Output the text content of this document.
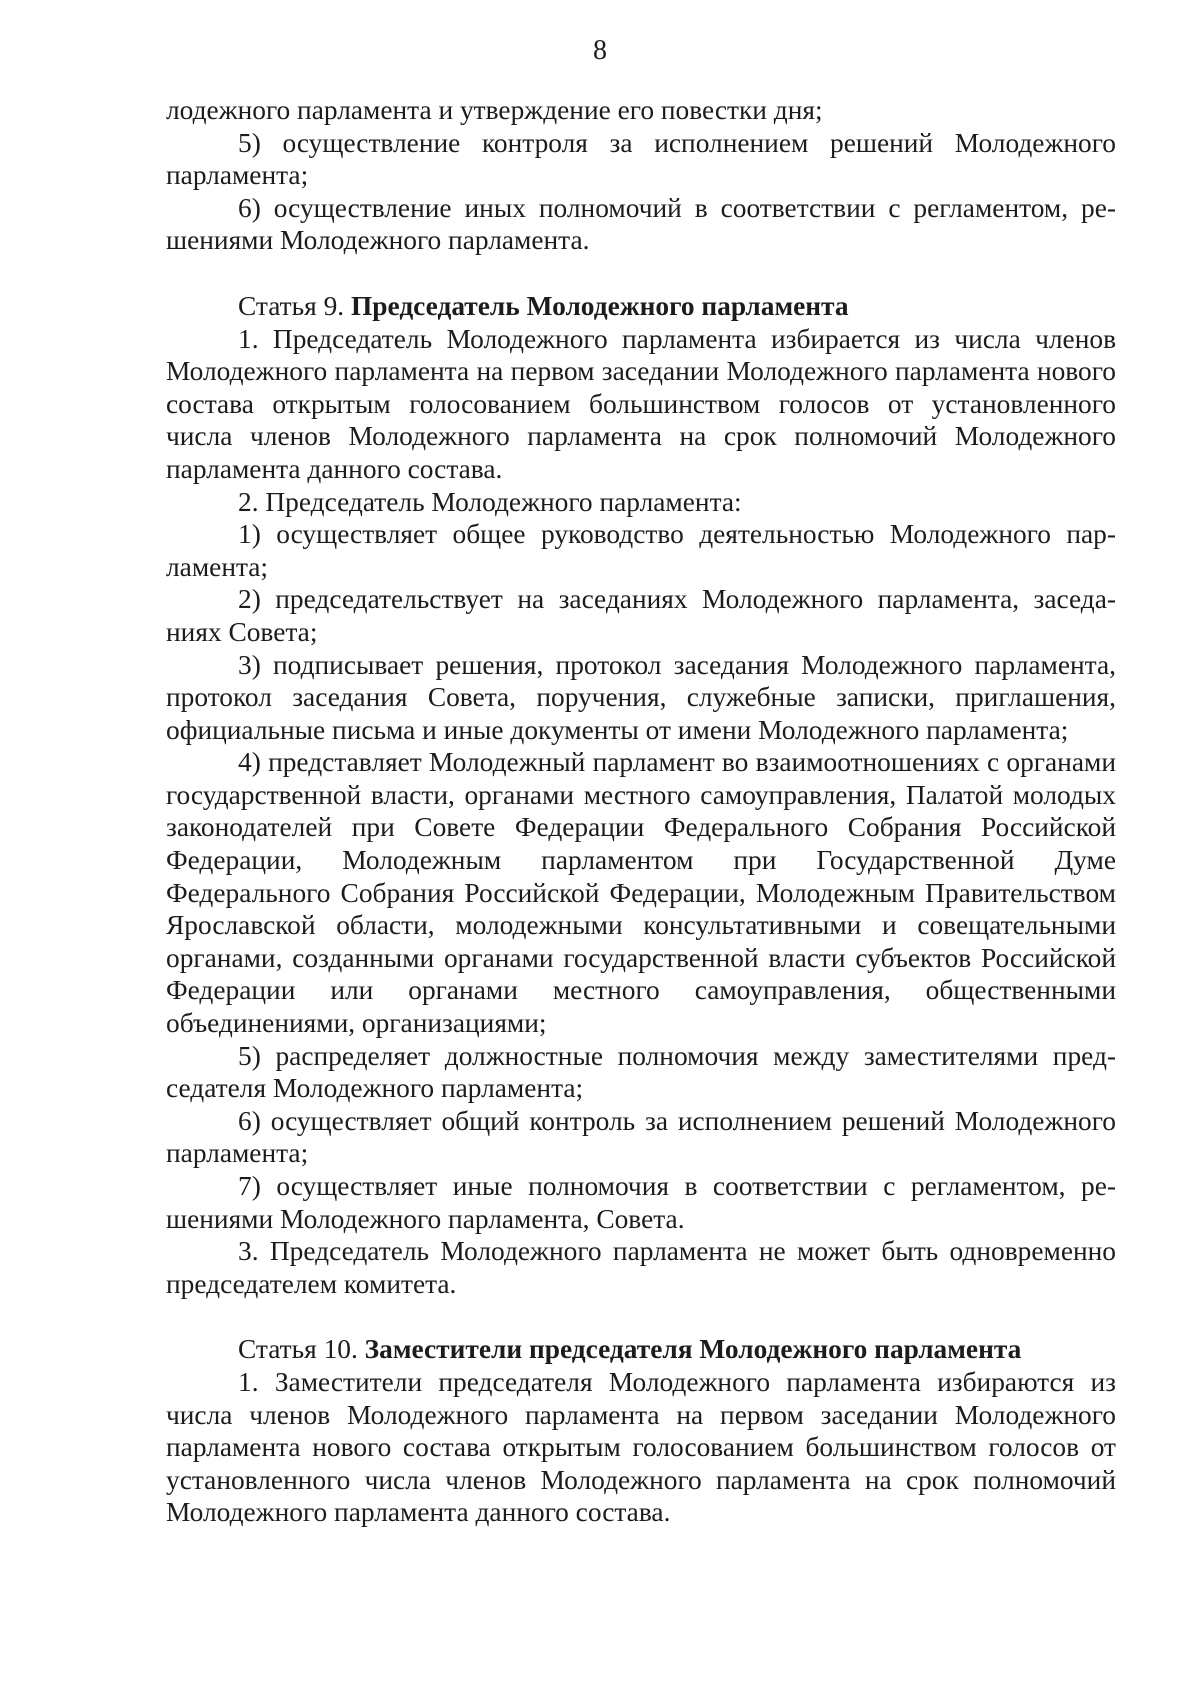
8

лодежного парламента и утверждение его повестки дня;

5) осуществление контроля за исполнением решений Молодежного парламента;

6) осуществление иных полномочий в соответствии с регламентом, решениями Молодежного парламента.

Статья 9. Председатель Молодежного парламента

1. Председатель Молодежного парламента избирается из числа членов Молодежного парламента на первом заседании Молодежного парламента нового состава открытым голосованием большинством голосов от установленного числа членов Молодежного парламента на срок полномочий Молодежного парламента данного состава.

2. Председатель Молодежного парламента:

1) осуществляет общее руководство деятельностью Молодежного парламента;

2) председательствует на заседаниях Молодежного парламента, заседаниях Совета;

3) подписывает решения, протокол заседания Молодежного парламента, протокол заседания Совета, поручения, служебные записки, приглашения, официальные письма и иные документы от имени Молодежного парламента;

4) представляет Молодежный парламент во взаимоотношениях с органами государственной власти, органами местного самоуправления, Палатой молодых законодателей при Совете Федерации Федерального Собрания Российской Федерации, Молодежным парламентом при Государственной Думе Федерального Собрания Российской Федерации, Молодежным Правительством Ярославской области, молодежными консультативными и совещательными органами, созданными органами государственной власти субъектов Российской Федерации или органами местного самоуправления, общественными объединениями, организациями;

5) распределяет должностные полномочия между заместителями председателя Молодежного парламента;

6) осуществляет общий контроль за исполнением решений Молодежного парламента;

7) осуществляет иные полномочия в соответствии с регламентом, решениями Молодежного парламента, Совета.

3. Председатель Молодежного парламента не может быть одновременно председателем комитета.

Статья 10. Заместители председателя Молодежного парламента

1. Заместители председателя Молодежного парламента избираются из числа членов Молодежного парламента на первом заседании Молодежного парламента нового состава открытым голосованием большинством голосов от установленного числа членов Молодежного парламента на срок полномочий Молодежного парламента данного состава.
